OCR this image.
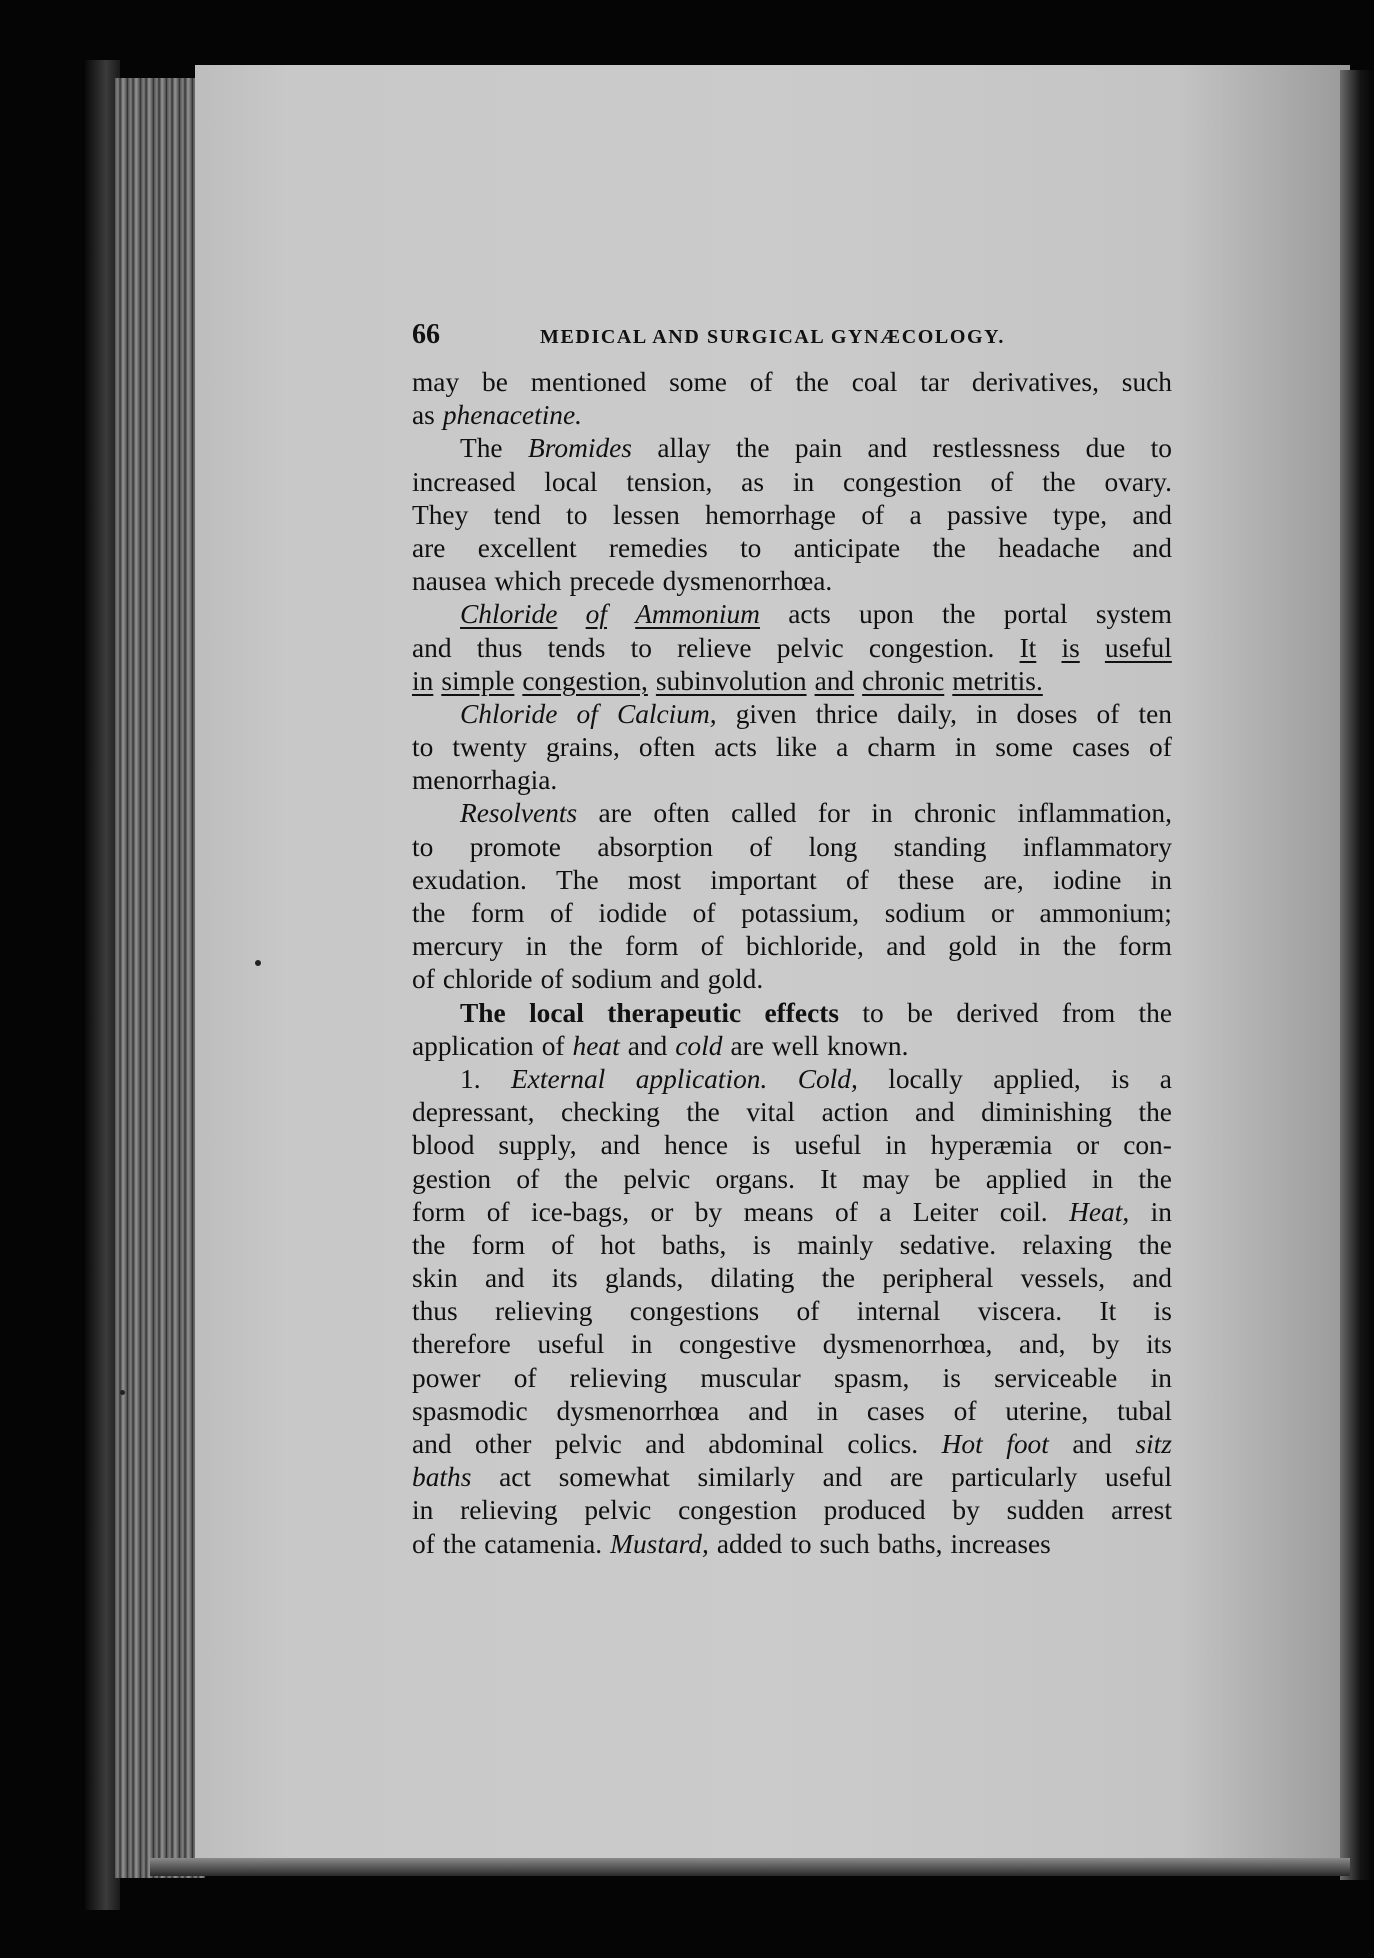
66	MEDICAL AND SURGICAL GYNÆCOLOGY.
may be mentioned some of the coal tar derivatives, such
as phenacetine.
The Bromides allay the pain and restlessness due to
increased local tension, as in congestion of the ovary.
They tend to lessen hemorrhage of a passive type, and
are excellent remedies to anticipate the headache and
nausea which precede dysmenorrhœa.
Chloride of Ammonium acts upon the portal system
and thus tends to relieve pelvic congestion. It is useful
in simple congestion, subinvolution and chronic metritis.
Chloride of Calcium, given thrice daily, in doses of ten
to twenty grains, often acts like a charm in some cases of
menorrhagia.
Resolvents are often called for in chronic inflammation,
to promote absorption of long standing inflammatory
exudation. The most important of these are, iodine in
the form of iodide of potassium, sodium or ammonium;
mercury in the form of bichloride, and gold in the form
of chloride of sodium and gold.
The local therapeutic effects to be derived from the
application of heat and cold are well known.
1. External application. Cold, locally applied, is a
depressant, checking the vital action and diminishing the
blood supply, and hence is useful in hyperæmia or con-
gestion of the pelvic organs. It may be applied in the
form of ice-bags, or by means of a Leiter coil. Heat, in
the form of hot baths, is mainly sedative. relaxing the
skin and its glands, dilating the peripheral vessels, and
thus relieving congestions of internal viscera. It is
therefore useful in congestive dysmenorrhœa, and, by its
power of relieving muscular spasm, is serviceable in
spasmodic dysmenorrhœa and in cases of uterine, tubal
and other pelvic and abdominal colics. Hot foot and sitz
baths act somewhat similarly and are particularly useful
in relieving pelvic congestion produced by sudden arrest
of the catamenia. Mustard, added to such baths, increases
